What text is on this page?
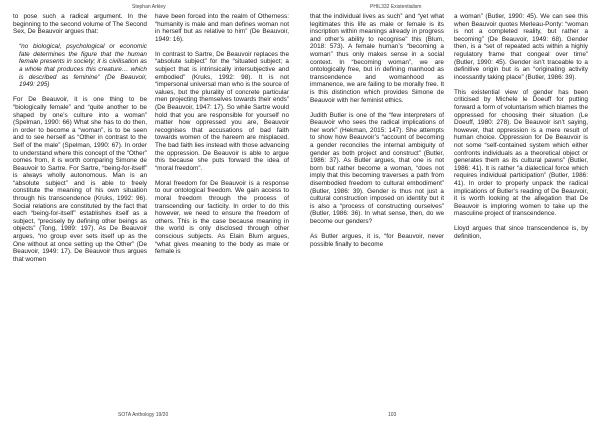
Stephan Arkley	PHIL332 Existentialism

to pose such a radical argument. In the beginning to the second volume of The Second Sex, De Beauvoir argues that:

“no biological, psychological or economic fate determines the figure that the human female presents in society; it is civilisation as a whole that produces this creature… which is described as feminine” (De Beauvoir, 1949: 295)

For De Beauvoir, it is one thing to be “biologically female” and “quite another to be shaped by one’s culture into a woman” (Spelman, 1990: 66) What she has to do then, in order to become a “woman”, is to be seen and to see herself as “Other in contrast to the Self of the male” (Spelman, 1990: 67). In order to understand where this concept of the “Other” comes from, it is worth comparing Simone de Beauvoir to Sartre. For Sartre, “being-for-itself” is always wholly autonomous. Man is an “absolute subject” and is able to freely constitute the meaning of his own situation through his transcendence (Kruks, 1992: 96). Social relations are constituted by the fact that each “being-for-itself” establishes itself as a subject, “precisely by defining other beings as objects” (Tong, 1989: 197). As De Beauvoir argues, “no group ever sets itself up as the One without at once setting up the Other” (De Beauvoir, 1949: 17). De Beauvoir thus argues that women

have been forced into the realm of Otherness: “humanity is male and man defines woman not in herself but as relative to him” (De Beauvoir, 1949: 16).

In contrast to Sartre, De Beauvoir replaces the “absolute subject” for the “situated subject; a subject that is intrinsically intersubjective and embodied” (Kruks, 1992: 98). It is not “impersonal universal man who is the source of values, but the plurality of concrete particular men projecting themselves towards their ends” (De Beauvoir, 1947: 17). So while Sartre would hold that you are responsible for yourself no matter how oppressed you are, Beauvoir recognises that accusations of bad faith towards women of the hareem are misplaced. The bad faith lies instead with those advancing the oppression. De Beauvoir is able to argue this because she puts forward the idea of “moral freedom”.

Moral freedom for De Beauvoir is a response to our ontological freedom. We gain access to moral freedom through the process of transcending our facticity. In order to do this however, we need to ensure the freedom of others. This is the case because meaning in the world is only disclosed through other conscious subjects. As Elain Blum argues, “what gives meaning to the body as male or female is

that the individual lives as such” and “yet what legitimates this life as male or female is its inscription within meanings already in progress and other’s ability to recognise” this (Blum, 2018: 573). A female human’s “becoming a woman” thus only makes sense in a social context. In “becoming woman”, we are ontologically free, but in defining manhood as transcendence and womanhood as immanence, we are failing to be morally free. It is this distinction which provides Simone de Beauvoir with her feminist ethics.

Judith Butler is one of the “few interpreters of Beauvoir who sees the radical implications of her work” (Hekman, 2015: 147). She attempts to show how Beauvoir’s “account of becoming a gender reconciles the internal ambiguity of gender as both project and construct” (Butler, 1986: 37). As Butler argues, that one is not born but rather become a woman, “does not imply that this becoming traverses a path from disembodied freedom to cultural embodiment” (Butler, 1986: 39). Gender is thus not just a cultural construction imposed on identity but it is also a “process of constructing ourselves” (Butler, 1986: 36). In what sense, then, do we become our genders?

As Butler argues, it is, “for Beauvoir, never possible finally to become

a woman” (Butler, 1990: 45). We can see this when Beauvoir quotes Merleau-Ponty: “woman is not a completed reality, but rather a becoming” (De Beauvoir, 1949: 68). Gender then, is a “set of repeated acts within a highly regulatory frame that congeal over time” (Butler, 1990: 45). Gender isn’t traceable to a definitive origin but is an “originating activity incessantly taking place” (Butler, 1986: 39).

This existential view of gender has been criticised by Michele le Doeuff for putting forward a form of voluntarism which blames the oppressed for choosing their situation (Le Doeuff, 1980: 278). De Beauvoir isn’t saying, however, that oppression is a mere result of human choice. Oppression for De Beauvoir is not some “self-contained system which either confronts individuals as a theoretical object or generates them as its cultural pawns” (Butler, 1986: 41). It is rather “a dialectical force which requires individual participation” (Butler, 1986: 41). In order to properly unpack the radical implications of Butler’s reading of De Beauvoir, it is worth looking at the allegation that De Beauvoir is imploring women to take up the masculine project of transcendence.

Lloyd argues that since transcendence is, by definition,

SOTA Anthology 19/20	103
